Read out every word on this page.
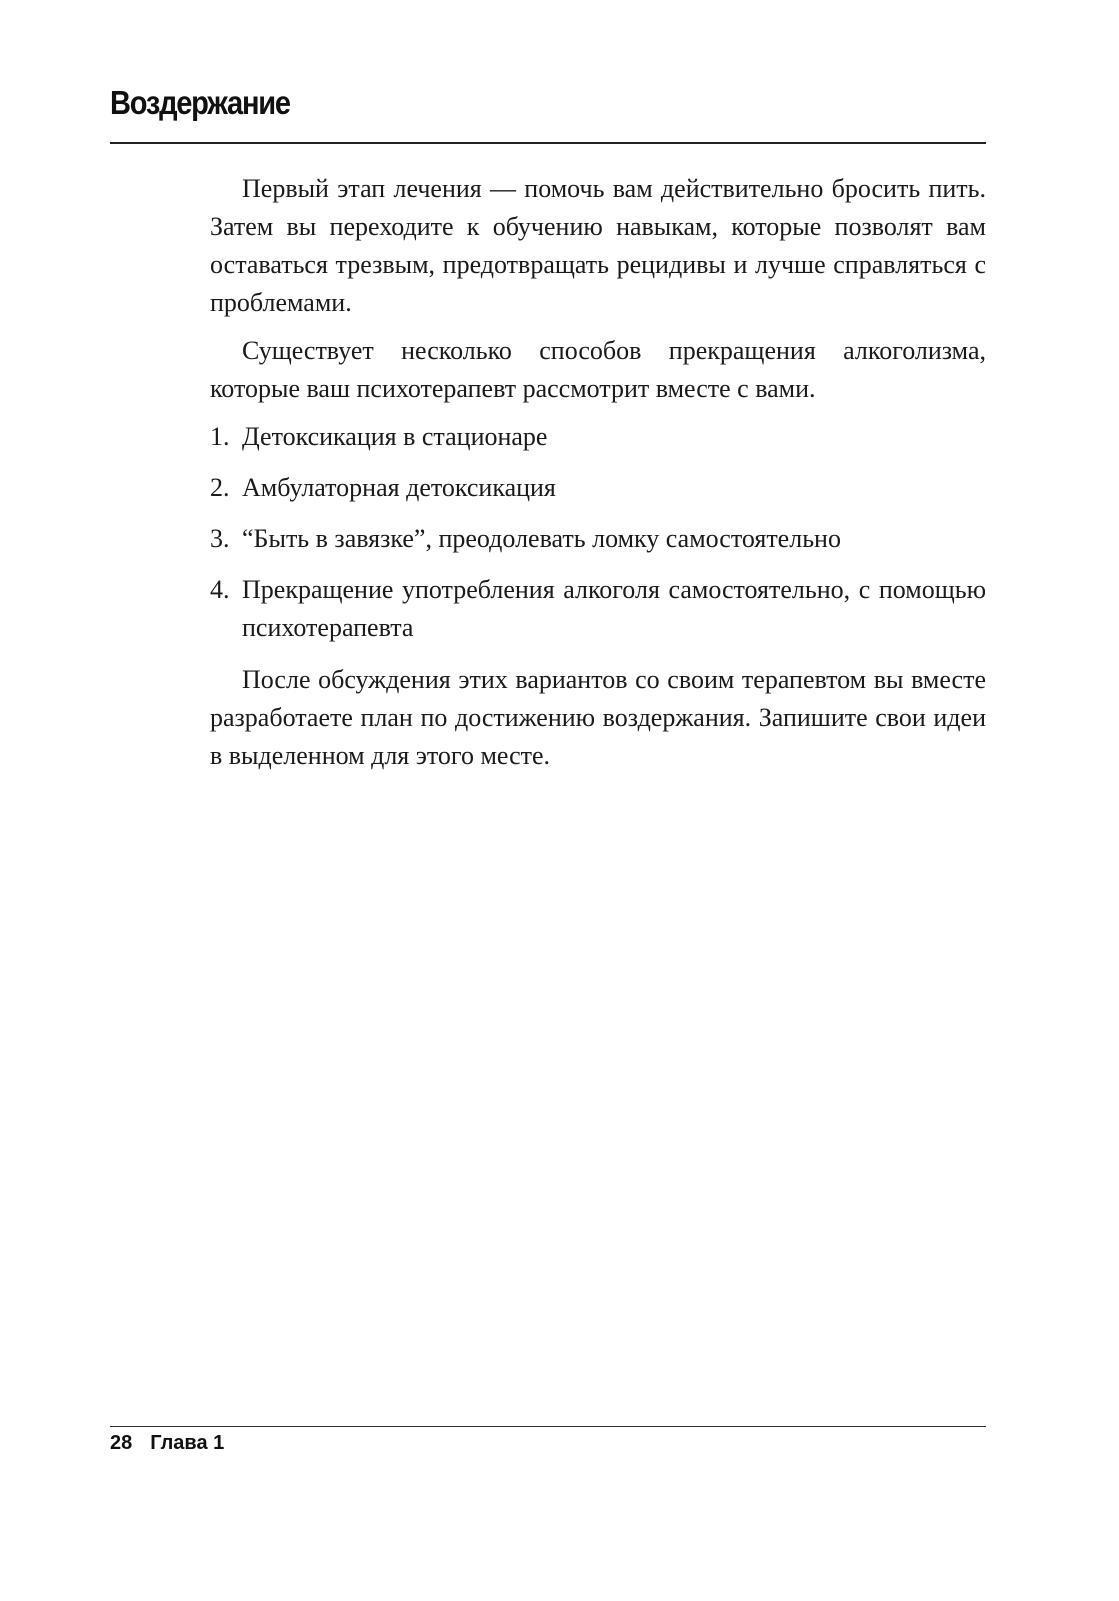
Воздержание

Первый этап лечения — помочь вам действительно бросить пить. Затем вы переходите к обучению навыкам, которые позволят вам оставаться трезвым, предотвращать рецидивы и лучше справляться с проблемами.

Существует несколько способов прекращения алкоголизма, которые ваш психотерапевт рассмотрит вместе с вами.

1. Детоксикация в стационаре
2. Амбулаторная детоксикация
3. “Быть в завязке”, преодолевать ломку самостоятельно
4. Прекращение употребления алкоголя самостоятельно, с помощью психотерапевта

После обсуждения этих вариантов со своим терапевтом вы вместе разработаете план по достижению воздержания. Запишите свои идеи в выделенном для этого месте.

28 Глава 1
